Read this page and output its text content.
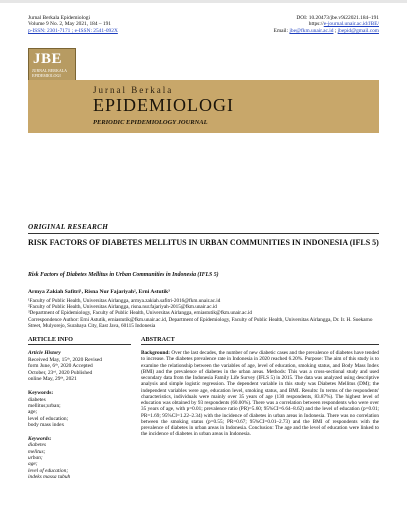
Jurnal Berkala Epidemiologi
Volume 9 No. 2, May 2021, 184 – 191
p-ISSN: 2301-7171 ; e-ISSN: 2541-092X
DOI: 10.20473/jbe.v9i22021.184–191
https://e-journal.unair.ac.id/JBE/
Email: jbe@fkm.unair.ac.id ; jbepid@gmail.com
JBE
JURNAL BERKALA
EPIDEMIOLOGI
Jurnal Berkala
EPIDEMIOLOGI
PERIODIC EPIDEMIOLOGY JOURNAL
ORIGINAL RESEARCH
RISK FACTORS OF DIABETES MELLITUS IN URBAN COMMUNITIES IN INDONESIA (IFLS 5)
Risk Factors of Diabetes Mellitus in Urban Communities in Indonesia (IFLS 5)
Armya Zakiah Safitri¹, Risna Nur Fajariyah², Erni Astutik³
¹Faculty of Public Health, Universitas Airlangga, armya.zakiah.safitri-2016@fkm.unair.ac.id
²Faculty of Public Health, Universitas Airlangga, risna.nur.fajariyah-2015@fkm.unair.ac.id
³Department of Epidemiology, Faculty of Public Health, Universitas Airlangga, erniastutik@fkm.unair.ac.id
Correspondence Author: Erni Astutik, erniastutik@fkm.unair.ac.id, Department of Epidemiology, Faculty of Public Health, Universitas Airlangga, Dr. Ir. H. Soekarno Street, Mulyorejo, Surabaya City, East Java, 60115 Indonesia
ARTICLE INFO	ABSTRACT
Article History
Received May, 15ᵗʰ, 2020 Revised
form June, 6ᵗʰ, 2020 Accepted
October, 23ʳᵈ, 2020 Published
online May, 29ᵗʰ, 2021
Keywords:
diabetes
mellitus;urban;
age;
level of education;
body mass index
Keywords:
diabetes
melitus;
urban;
age;
level of education;
indeks massa tubuh
Background: Over the last decades, the number of new diabetic cases and the prevalence of diabetes have tended to increase. The diabetes prevalence rate in Indonesia in 2020 reached 6.20%. Purpose: The aim of this study is to examine the relationship between the variables of age, level of education, smoking status, and Body Mass Index (BMI) and the prevalence of diabetes in the urban areas. Methods: This was a cross-sectional study and used secondary data from the Indonesia Family Life Survey (IFLS 5) in 2015. The data was analyzed using descriptive analysis and simple logistic regression. The dependent variable in this study was Diabetes Mellitus (DM); the independent variables were age, education level, smoking status, and BMI. Results: In terms of the respondents' characteristics, individuals were mainly over 35 years of age (130 respondents, 83.87%). The highest level of education was obtained by 93 respondents (60.00%). There was a correlation between respondents who were over 35 years of age, with p=0.01; prevalence ratio (PR)=5.60; 95%CI=6.64–8.62) and the level of education (p=0.01; PR=1.69; 95%CI=1.22–2.34) with the incidence of diabetes in urban areas in Indonesia. There was no correlation between the smoking status (p=0.55; PR=0.67; 95%CI=0.01–2.73) and the BMI of respondents with the prevalence of diabetes in urban areas in Indonesia. Conclusion: The age and the level of education were linked to the incidence of diabetes in urban areas in Indonesia.
